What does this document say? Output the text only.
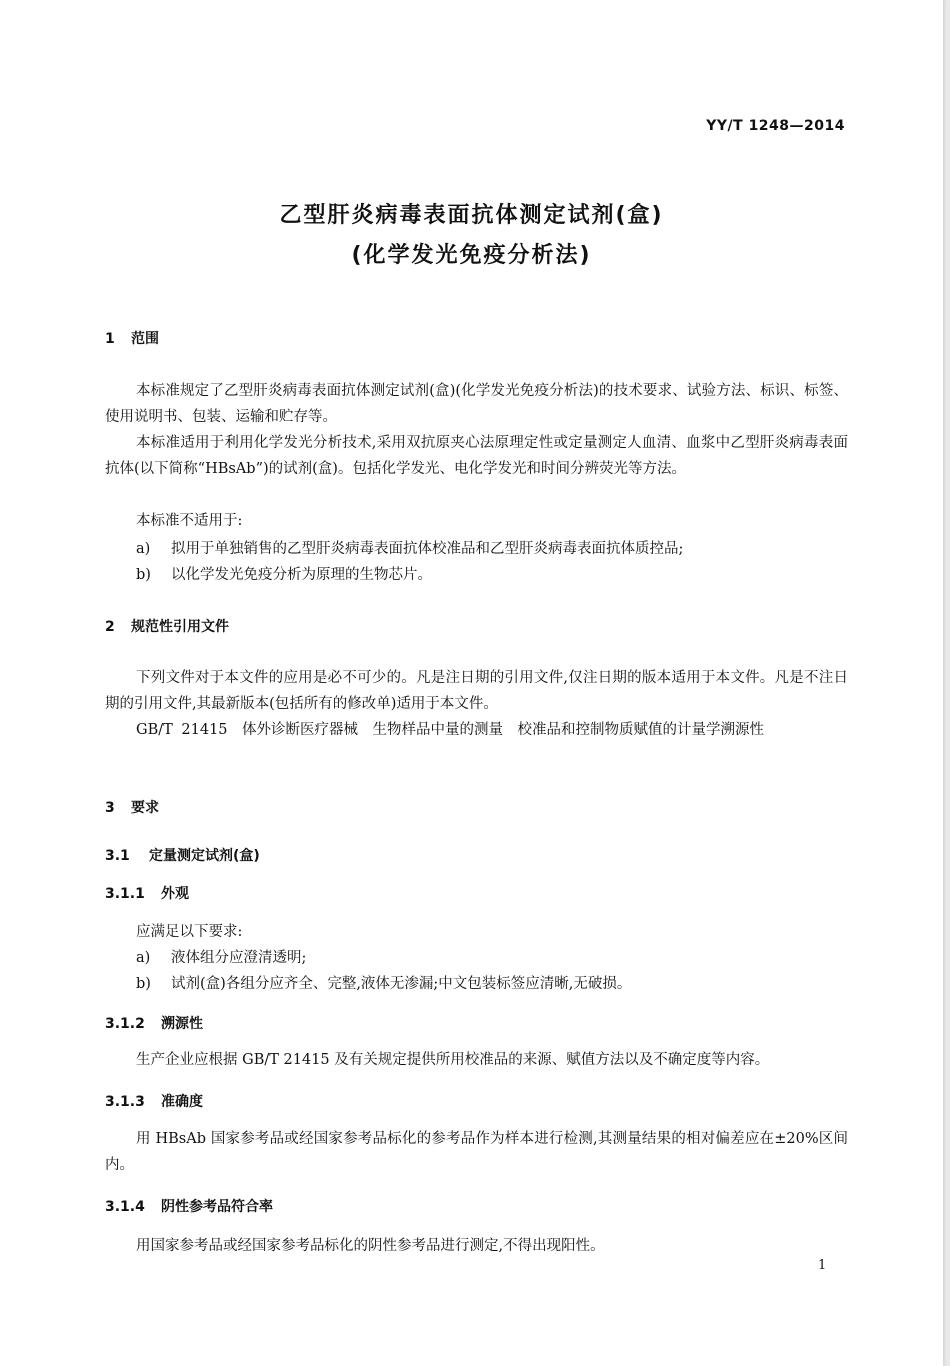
YY/T 1248—2014
乙型肝炎病毒表面抗体测定试剂(盒)
(化学发光免疫分析法)
1 范围
本标准规定了乙型肝炎病毒表面抗体测定试剂(盒)(化学发光免疫分析法)的技术要求、试验方法、标识、标签、使用说明书、包装、运输和贮存等。
本标准适用于利用化学发光分析技术,采用双抗原夹心法原理定性或定量测定人血清、血浆中乙型肝炎病毒表面抗体(以下简称“HBsAb”)的试剂(盒)。包括化学发光、电化学发光和时间分辨荧光等方法。
本标准不适用于:
a) 拟用于单独销售的乙型肝炎病毒表面抗体校准品和乙型肝炎病毒表面抗体质控品;
b) 以化学发光免疫分析为原理的生物芯片。
2 规范性引用文件
下列文件对于本文件的应用是必不可少的。凡是注日期的引用文件,仅注日期的版本适用于本文件。凡是不注日期的引用文件,其最新版本(包括所有的修改单)适用于本文件。
GB/T 21415　体外诊断医疗器械　生物样品中量的测量　校准品和控制物质赋值的计量学溯源性
3 要求
3.1 定量测定试剂(盒)
3.1.1 外观
应满足以下要求:
a) 液体组分应澄清透明;
b) 试剂(盒)各组分应齐全、完整,液体无渗漏;中文包装标签应清晰,无破损。
3.1.2 溯源性
生产企业应根据 GB/T 21415 及有关规定提供所用校准品的来源、赋值方法以及不确定度等内容。
3.1.3 准确度
用 HBsAb 国家参考品或经国家参考品标化的参考品作为样本进行检测,其测量结果的相对偏差应在±20%区间内。
3.1.4 阴性参考品符合率
用国家参考品或经国家参考品标化的阴性参考品进行测定,不得出现阳性。
1
